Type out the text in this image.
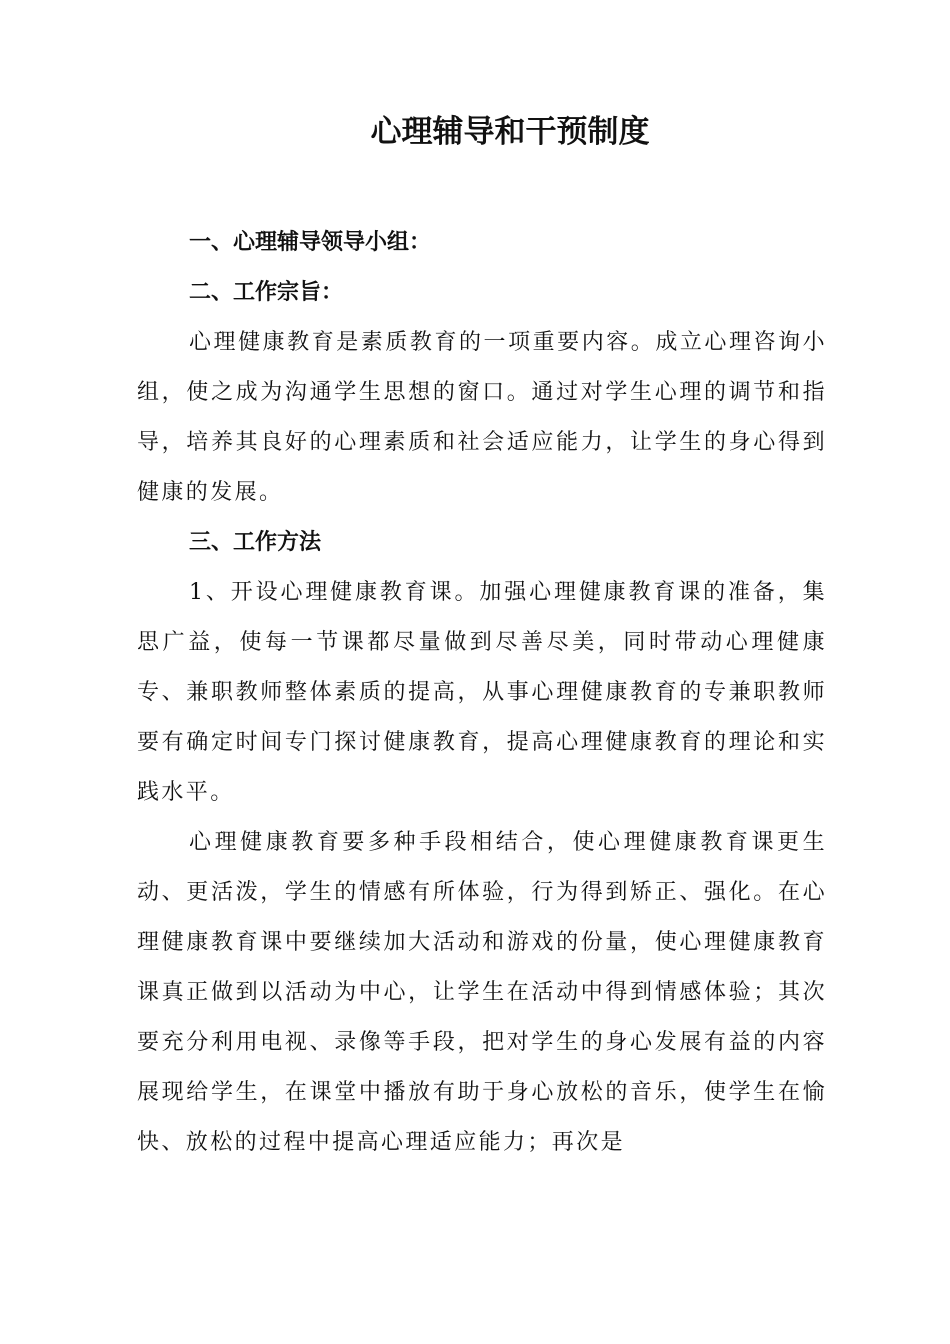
心理辅导和干预制度

一、心理辅导领导小组：

二、工作宗旨：

心理健康教育是素质教育的一项重要内容。成立心理咨询小组，使之成为沟通学生思想的窗口。通过对学生心理的调节和指导，培养其良好的心理素质和社会适应能力，让学生的身心得到健康的发展。

三、工作方法

1、开设心理健康教育课。加强心理健康教育课的准备，集思广益，使每一节课都尽量做到尽善尽美，同时带动心理健康专、兼职教师整体素质的提高，从事心理健康教育的专兼职教师要有确定时间专门探讨健康教育，提高心理健康教育的理论和实践水平。

心理健康教育要多种手段相结合，使心理健康教育课更生动、更活泼，学生的情感有所体验，行为得到矫正、强化。在心理健康教育课中要继续加大活动和游戏的份量，使心理健康教育课真正做到以活动为中心，让学生在活动中得到情感体验；其次要充分利用电视、录像等手段，把对学生的身心发展有益的内容展现给学生，在课堂中播放有助于身心放松的音乐，使学生在愉快、放松的过程中提高心理适应能力；再次是
